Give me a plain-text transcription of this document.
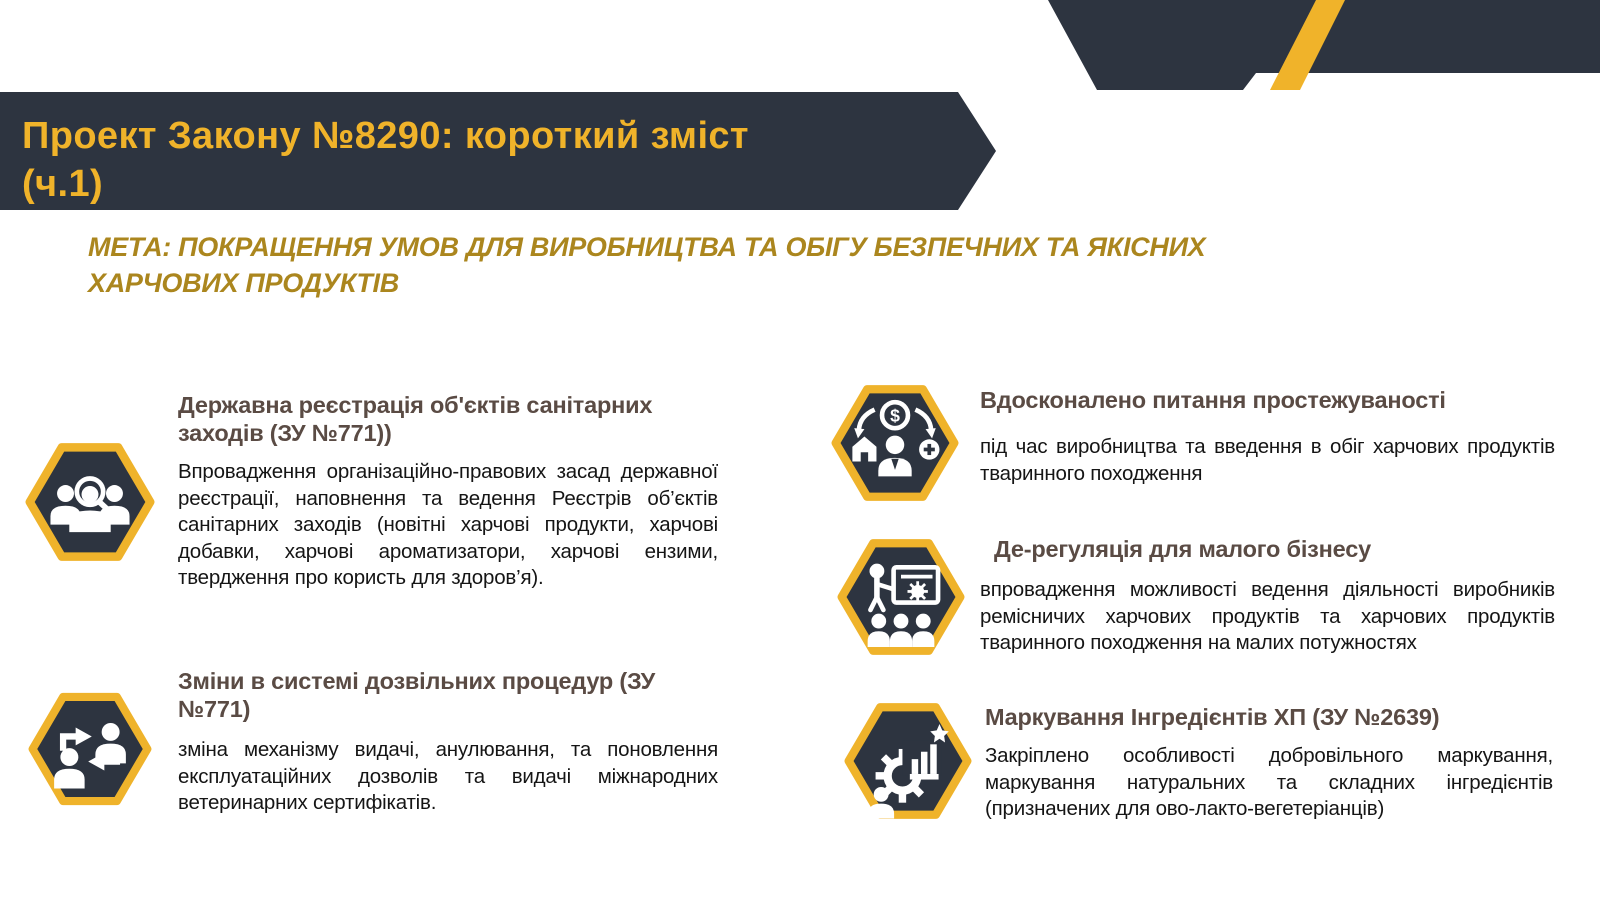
Проект Закону №8290: короткий зміст
(ч.1)
МЕТА: ПОКРАЩЕННЯ УМОВ ДЛЯ ВИРОБНИЦТВА ТА ОБІГУ БЕЗПЕЧНИХ ТА ЯКІСНИХ
ХАРЧОВИХ ПРОДУКТІВ

Державна реєстрація об'єктів санітарних заходів (ЗУ №771))

Впровадження організаційно-правових засад державної реєстрації, наповнення та ведення Реєстрів об’єктів санітарних заходів (новітні харчові продукти, харчові добавки, харчові ароматизатори, харчові ензими, твердження про користь для здоров’я).

Зміни в системі дозвільних процедур (ЗУ №771)

зміна механізму видачі, анулювання, та поновлення експлуатаційних дозволів та видачі міжнародних ветеринарних сертифікатів.

$

Вдосконалено питання простежуваності

під час виробництва та введення в обіг харчових продуктів тваринного походження

Де-регуляція для малого бізнесу

впровадження можливості ведення діяльності виробників ремісничих харчових продуктів та харчових продуктів тваринного походження на малих потужностях

Маркування Інгредієнтів ХП (ЗУ №2639)

Закріплено особливості добровільного маркування, маркування натуральних та складних інгредієнтів (призначених для ово-лакто-вегетеріанців)
